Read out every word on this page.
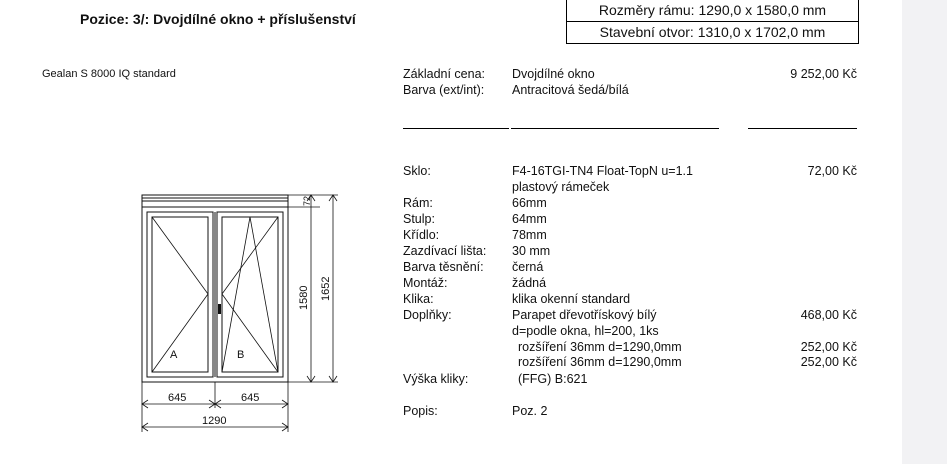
Pozice: 3/: Dvojdílné okno + příslušenství
Rozměry rámu: 1290,0 x 1580,0 mm
Stavební otvor: 1310,0 x 1702,0 mm
Gealan S 8000 IQ standard	Základní cena: Dvojdílné okno	9 252,00 Kč
Barva (ext/int): Antracitová šedá/bílá
Sklo:	F4-16TGI-TN4 Float-TopN u=1.1	72,00 Kč
plastový rámeček
Rám:	66mm
Stulp:	64mm
Křídlo:	78mm
Zazdívací lišta: 30 mm
Barva těsnění: černá
Montáž:	žádná
Klika:	klika okenní standard
Doplňky:	Parapet dřevotřískový bílý	468,00 Kč
d=podle okna, hl=200, 1ks
rozšíření 36mm d=1290,0mm	252,00 Kč
rozšíření 36mm d=1290,0mm	252,00 Kč
Výška kliky:	(FFG) B:621
Popis:	Poz. 2
A	B
1580 1652
72
645	645
1290
